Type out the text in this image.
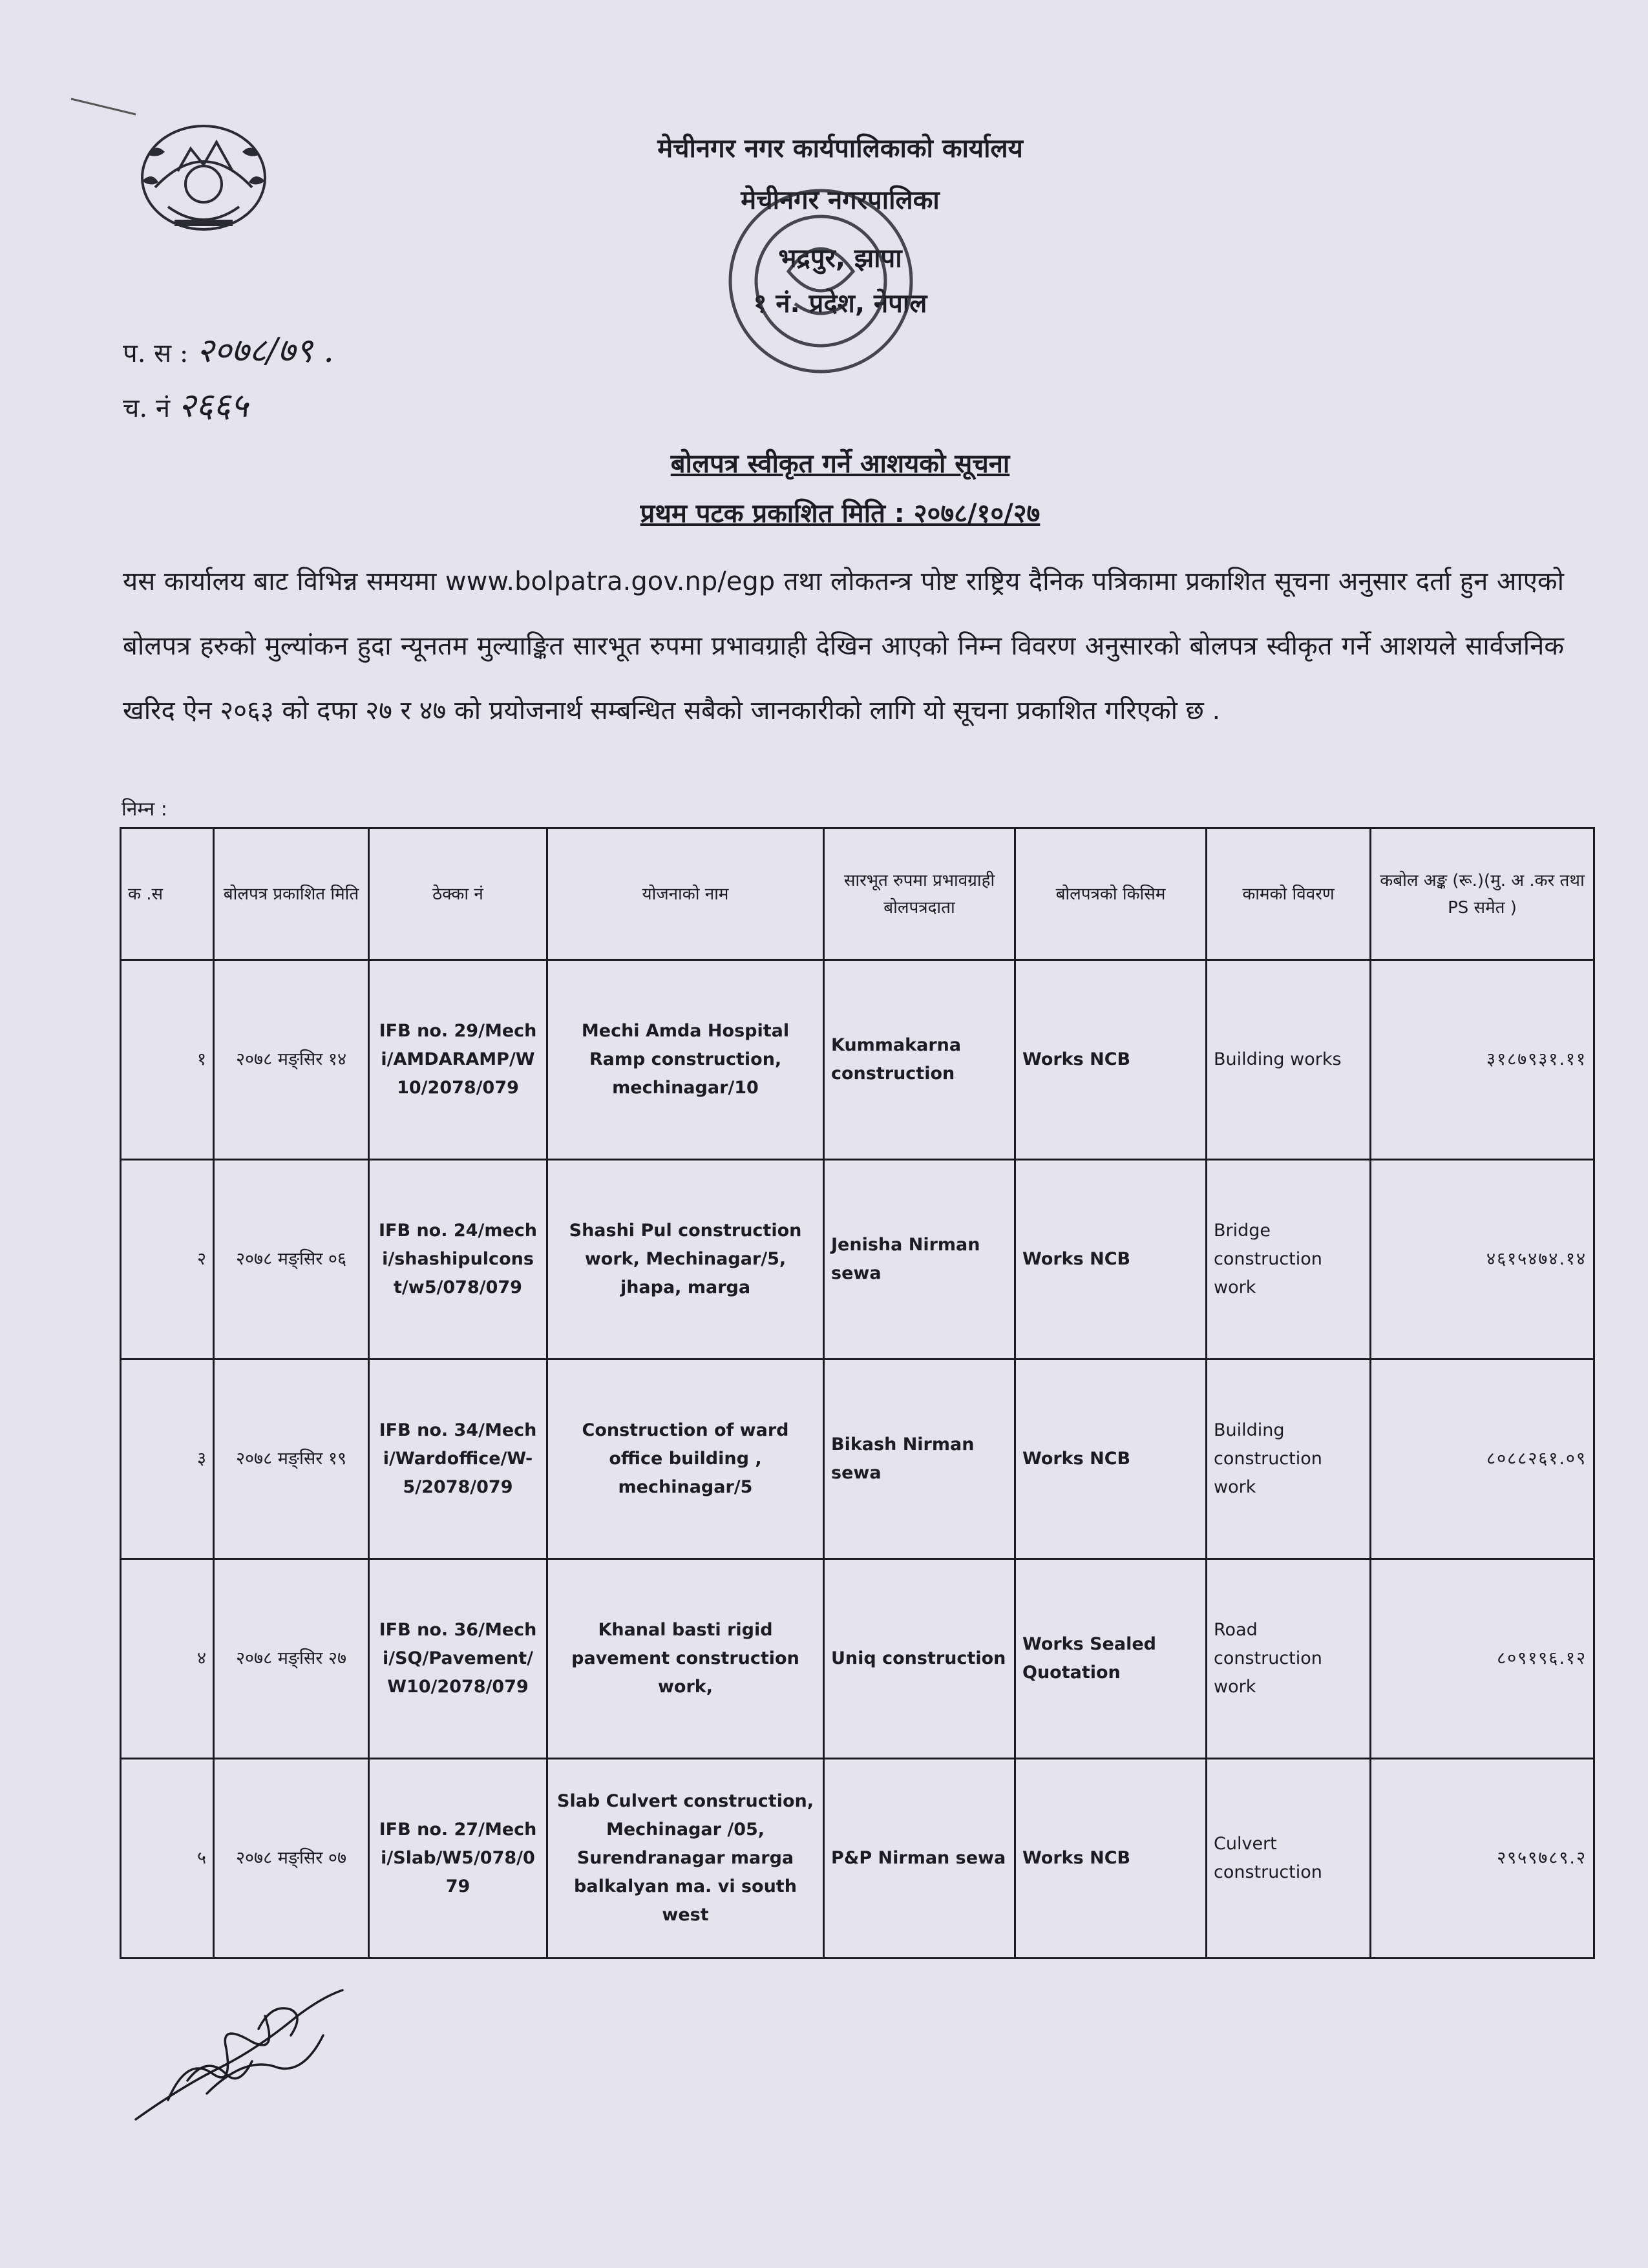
मेचीनगर नगर कार्यपालिकाको कार्यालय
मेचीनगर नगरपालिका
भद्रपुर, झापा
१ नं. प्रदेश, नेपाल
प. स : २०७८/७९ .
च. नं २६६५
बोलपत्र स्वीकृत गर्ने आशयको सूचना
प्रथम पटक प्रकाशित मिति : २०७८/१०/२७
यस कार्यालय बाट विभिन्न समयमा www.bolpatra.gov.np/egp तथा लोकतन्त्र पोष्ट राष्ट्रिय दैनिक पत्रिकामा प्रकाशित सूचना अनुसार दर्ता हुन आएको बोलपत्र हरुको मुल्यांकन हुदा न्यूनतम मुल्याङ्कित सारभूत रुपमा प्रभावग्राही देखिन आएको निम्न विवरण अनुसारको बोलपत्र स्वीकृत गर्ने आशयले सार्वजनिक खरिद ऐन २०६३ को दफा २७ र ४७ को प्रयोजनार्थ सम्बन्धित सबैको जानकारीको लागि यो सूचना प्रकाशित गरिएको छ .
निम्न :
क .स	बोलपत्र प्रकाशित मिति	ठेक्का नं	योजनाको नाम	सारभूत रुपमा प्रभावग्राही बोलपत्रदाता	बोलपत्रको किसिम	कामको विवरण	कबोल अङ्क (रू.)(मु. अ .कर तथा PS समेत )
१	२०७८ मङ्सिर १४	IFB no. 29/Mechi/AMDARAMP/W10/2078/079	Mechi Amda Hospital Ramp construction, mechinagar/10	Kummakarna construction	Works NCB	Building works	३१८७९३१.११
२	२०७८ मङ्सिर ०६	IFB no. 24/mechi/shashipulconst/w5/078/079	Shashi Pul construction work, Mechinagar/5, jhapa, marga	Jenisha Nirman sewa	Works NCB	Bridge construction work	४६१५४७४.१४
३	२०७८ मङ्सिर १९	IFB no. 34/Mechi/Wardoffice/W-5/2078/079	Construction of ward office building , mechinagar/5	Bikash Nirman sewa	Works NCB	Building construction work	८०८८२६१.०९
४	२०७८ मङ्सिर २७	IFB no. 36/Mechi/SQ/Pavement/W10/2078/079	Khanal basti rigid pavement construction work,	Uniq construction	Works Sealed Quotation	Road construction work	८०९१९६.१२
५	२०७८ मङ्सिर ०७	IFB no. 27/Mechi/Slab/W5/078/079	Slab Culvert construction, Mechinagar /05, Surendranagar marga balkalyan ma. vi south west	P&P Nirman sewa	Works NCB	Culvert construction	२९५९७८९.२
